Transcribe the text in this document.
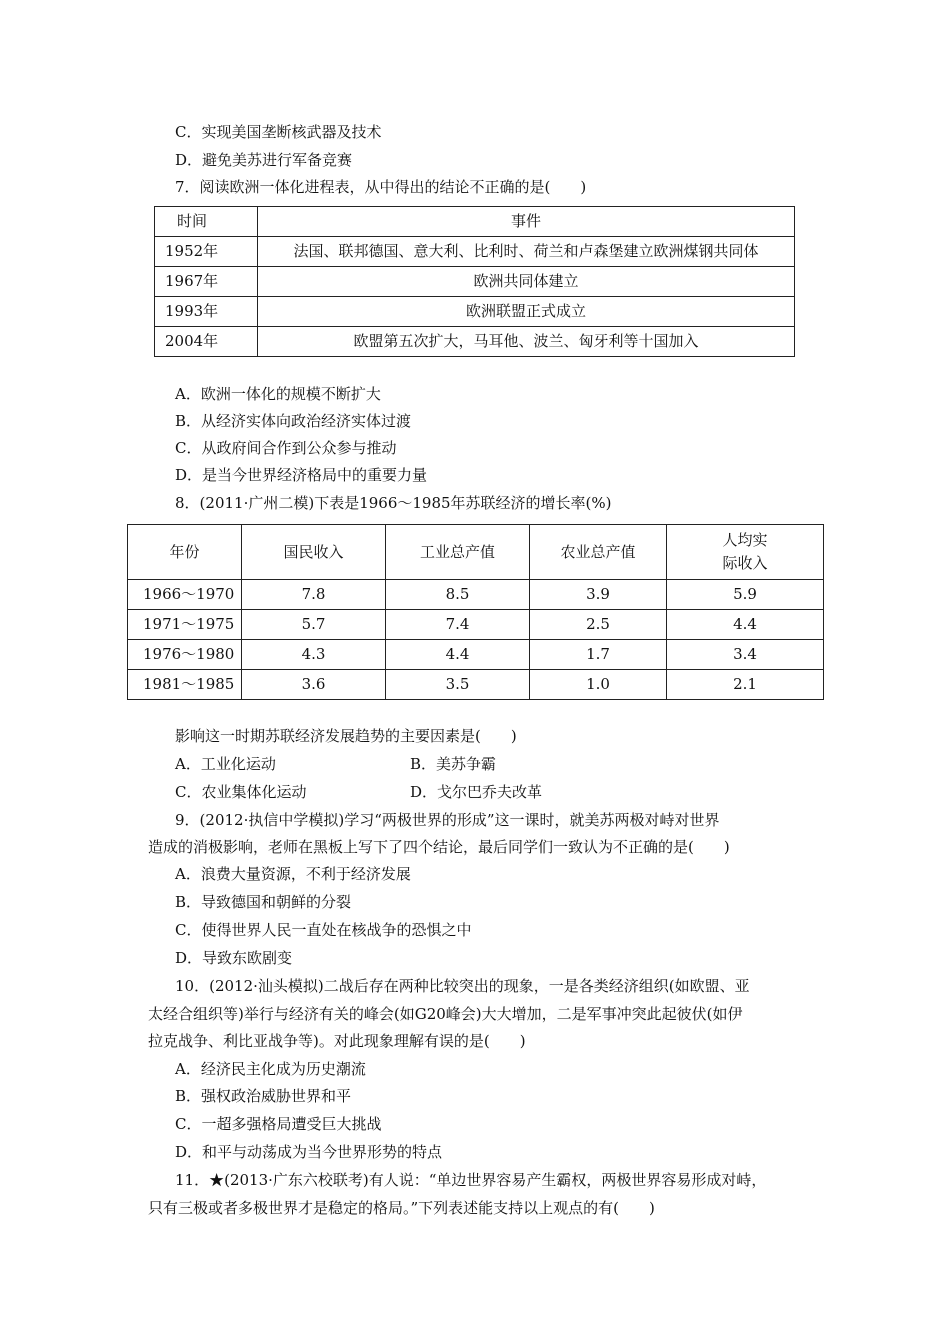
C．实现美国垄断核武器及技术
D．避免美苏进行军备竞赛
7．阅读欧洲一体化进程表，从中得出的结论不正确的是(　　)
时间	事件
1952年	法国、联邦德国、意大利、比利时、荷兰和卢森堡建立欧洲煤钢共同体
1967年	欧洲共同体建立
1993年	欧洲联盟正式成立
2004年	欧盟第五次扩大，马耳他、波兰、匈牙利等十国加入
A．欧洲一体化的规模不断扩大
B．从经济实体向政治经济实体过渡
C．从政府间合作到公众参与推动
D．是当今世界经济格局中的重要力量
8．(2011·广州二模)下表是1966～1985年苏联经济的增长率(%)
年份	国民收入	工业总产值	农业总产值	人均实
际收入

1966～1970	7.8	8.5	3.9	5.9
1971～1975	5.7	7.4	2.5	4.4
1976～1980	4.3	4.4	1.7	3.4
1981～1985	3.6	3.5	1.0	2.1
影响这一时期苏联经济发展趋势的主要因素是(　　)
A．工业化运动	B．美苏争霸
C．农业集体化运动	D．戈尔巴乔夫改革
9．(2012·执信中学模拟)学习“两极世界的形成”这一课时，就美苏两极对峙对世界
造成的消极影响，老师在黑板上写下了四个结论，最后同学们一致认为不正确的是(　　)
A．浪费大量资源，不利于经济发展
B．导致德国和朝鲜的分裂
C．使得世界人民一直处在核战争的恐惧之中
D．导致东欧剧变
10．(2012·汕头模拟)二战后存在两种比较突出的现象，一是各类经济组织(如欧盟、亚
太经合组织等)举行与经济有关的峰会(如G20峰会)大大增加，二是军事冲突此起彼伏(如伊
拉克战争、利比亚战争等)。对此现象理解有误的是(　　)
A．经济民主化成为历史潮流
B．强权政治威胁世界和平
C．一超多强格局遭受巨大挑战
D．和平与动荡成为当今世界形势的特点
11．★(2013·广东六校联考)有人说：“单边世界容易产生霸权，两极世界容易形成对峙，
只有三极或者多极世界才是稳定的格局。”下列表述能支持以上观点的有(　　)
